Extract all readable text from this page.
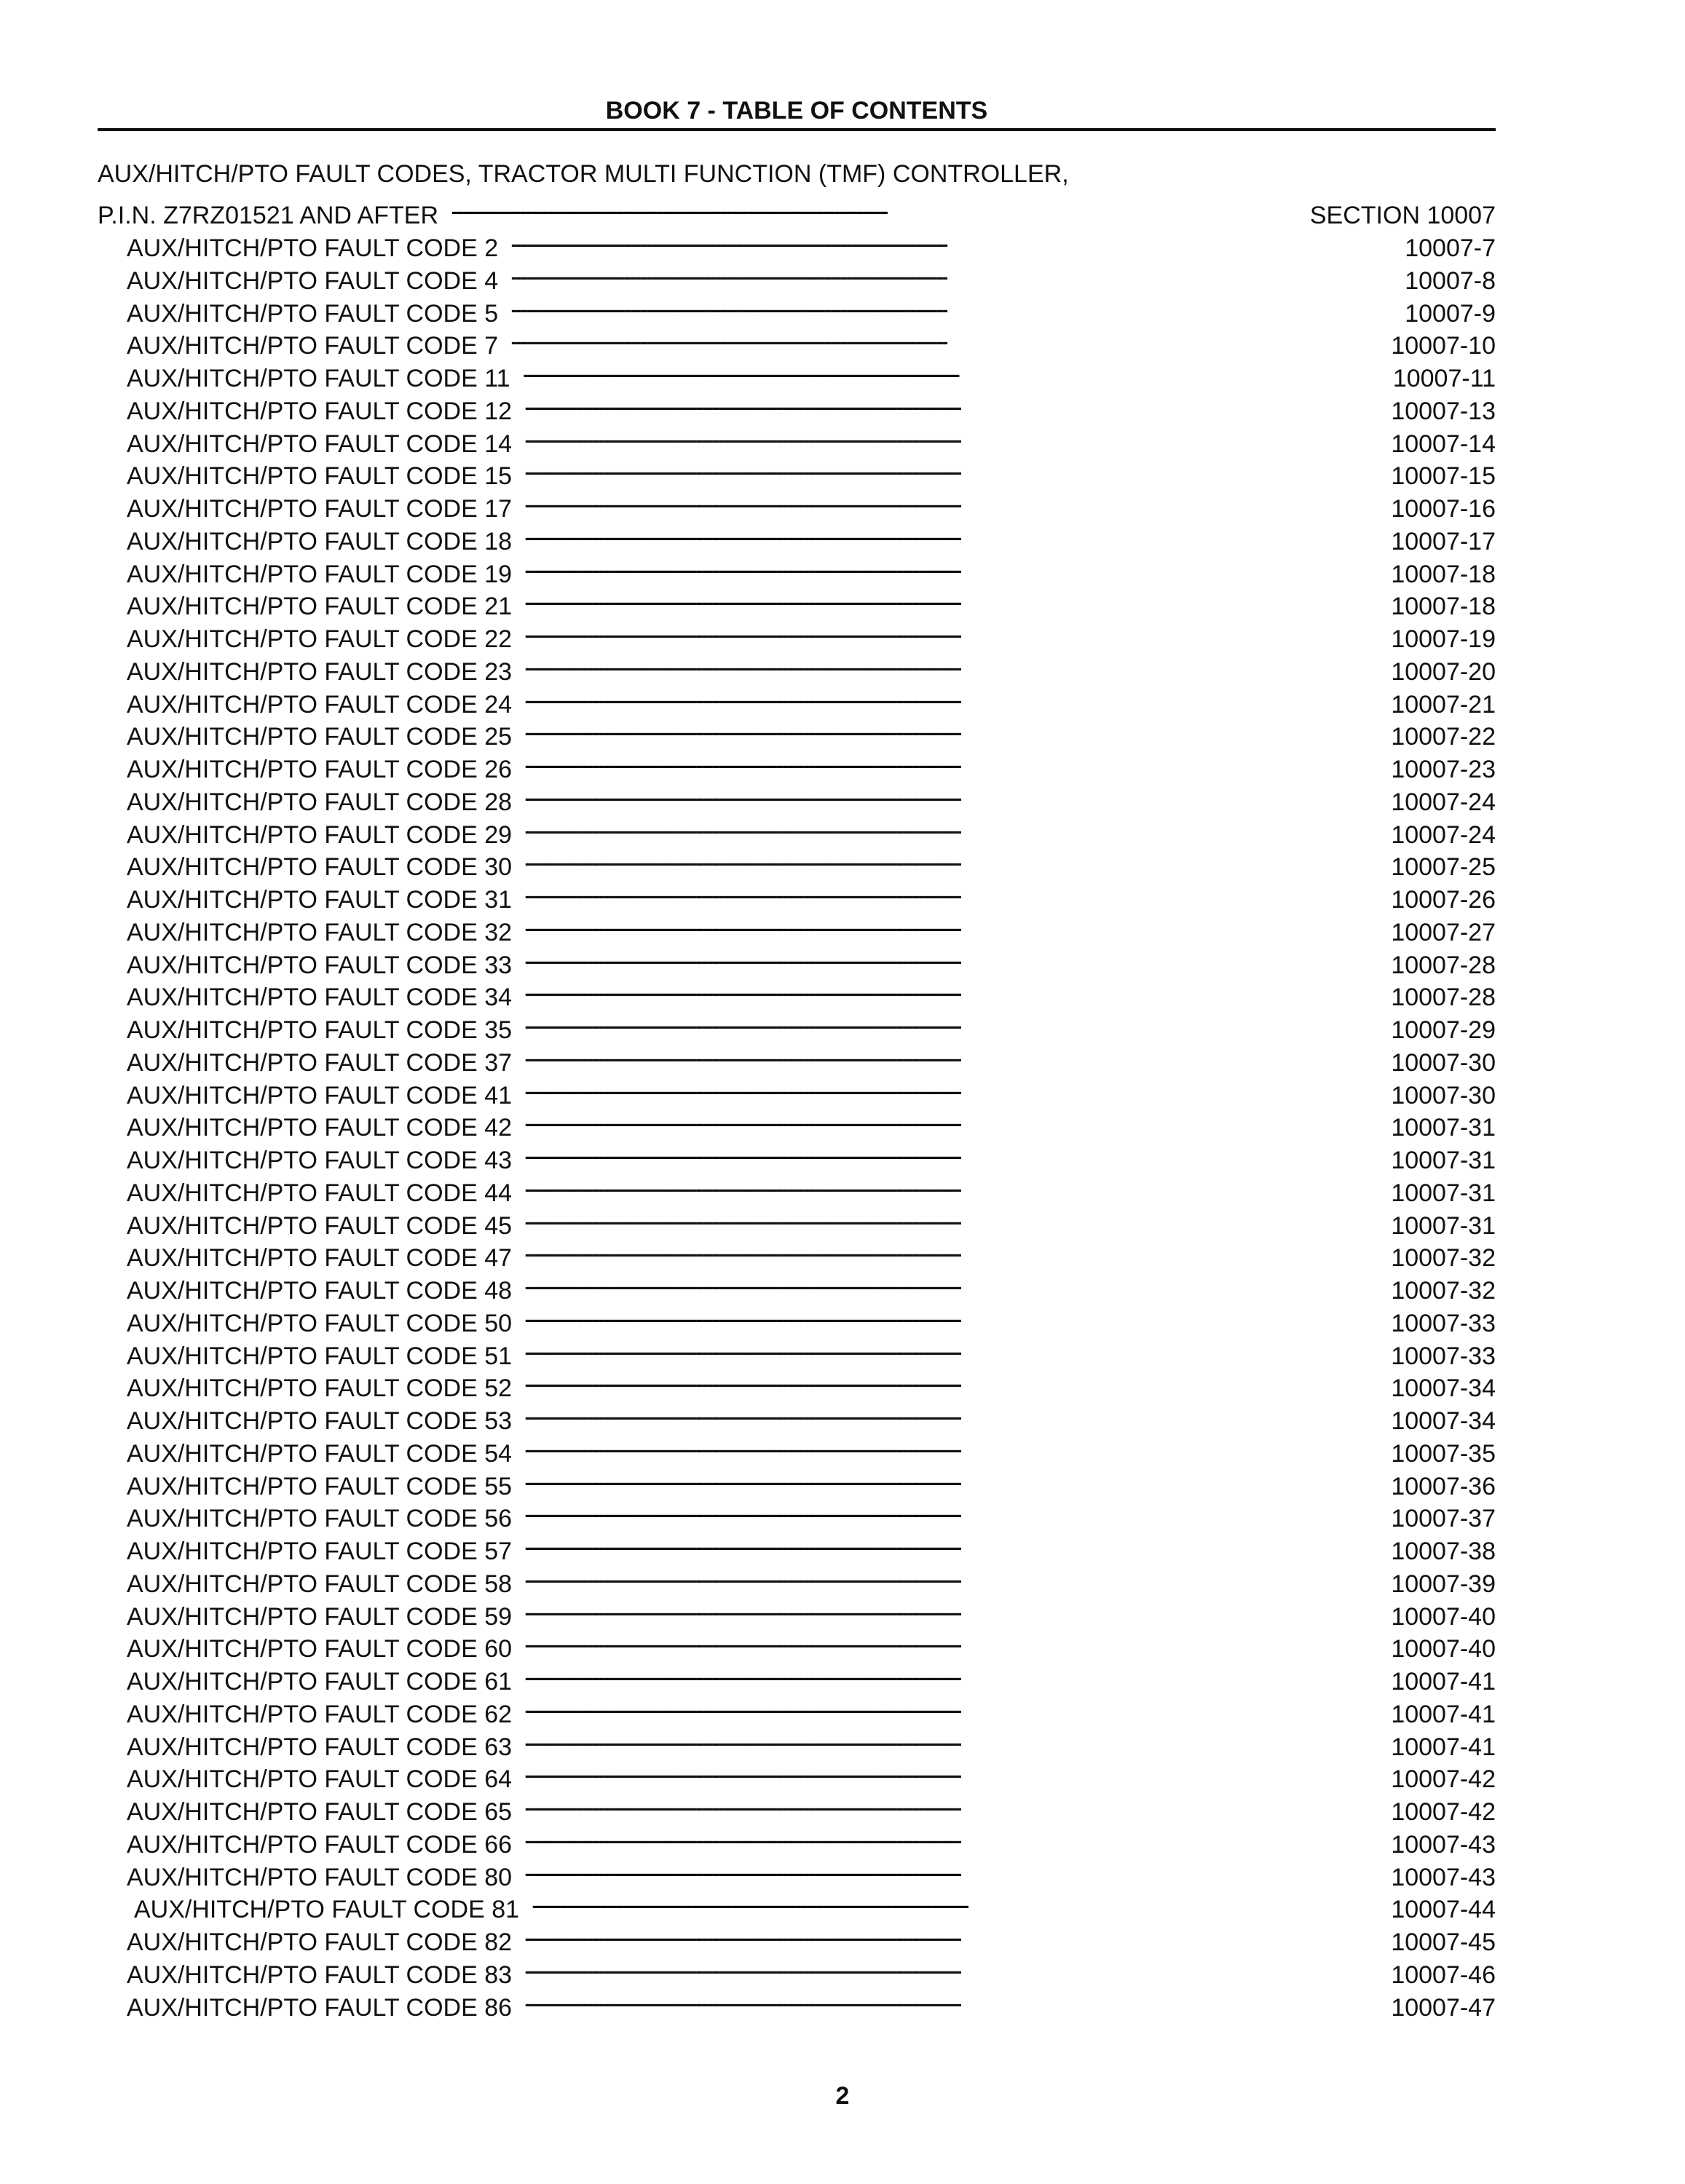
BOOK 7 - TABLE OF CONTENTS
AUX/HITCH/PTO FAULT CODES, TRACTOR MULTI FUNCTION (TMF) CONTROLLER,
P.I.N. Z7RZ01521 AND AFTER . . .	SECTION 10007
AUX/HITCH/PTO FAULT CODE 2 . . .	10007-7
AUX/HITCH/PTO FAULT CODE 4 . . .	10007-8
AUX/HITCH/PTO FAULT CODE 5 . . .	10007-9
AUX/HITCH/PTO FAULT CODE 7 . . .	10007-10
AUX/HITCH/PTO FAULT CODE 11 . . .	10007-11
AUX/HITCH/PTO FAULT CODE 12 . . .	10007-13
AUX/HITCH/PTO FAULT CODE 14 . . .	10007-14
AUX/HITCH/PTO FAULT CODE 15 . . .	10007-15
AUX/HITCH/PTO FAULT CODE 17 . . .	10007-16
AUX/HITCH/PTO FAULT CODE 18 . . .	10007-17
AUX/HITCH/PTO FAULT CODE 19 . . .	10007-18
AUX/HITCH/PTO FAULT CODE 21 . . .	10007-18
AUX/HITCH/PTO FAULT CODE 22 . . .	10007-19
AUX/HITCH/PTO FAULT CODE 23 . . .	10007-20
AUX/HITCH/PTO FAULT CODE 24 . . .	10007-21
AUX/HITCH/PTO FAULT CODE 25 . . .	10007-22
AUX/HITCH/PTO FAULT CODE 26 . . .	10007-23
AUX/HITCH/PTO FAULT CODE 28 . . .	10007-24
AUX/HITCH/PTO FAULT CODE 29 . . .	10007-24
AUX/HITCH/PTO FAULT CODE 30 . . .	10007-25
AUX/HITCH/PTO FAULT CODE 31 . . .	10007-26
AUX/HITCH/PTO FAULT CODE 32 . . .	10007-27
AUX/HITCH/PTO FAULT CODE 33 . . .	10007-28
AUX/HITCH/PTO FAULT CODE 34 . . .	10007-28
AUX/HITCH/PTO FAULT CODE 35 . . .	10007-29
AUX/HITCH/PTO FAULT CODE 37 . . .	10007-30
AUX/HITCH/PTO FAULT CODE 41 . . .	10007-30
AUX/HITCH/PTO FAULT CODE 42 . . .	10007-31
AUX/HITCH/PTO FAULT CODE 43 . . .	10007-31
AUX/HITCH/PTO FAULT CODE 44 . . .	10007-31
AUX/HITCH/PTO FAULT CODE 45 . . .	10007-31
AUX/HITCH/PTO FAULT CODE 47 . . .	10007-32
AUX/HITCH/PTO FAULT CODE 48 . . .	10007-32
AUX/HITCH/PTO FAULT CODE 50 . . .	10007-33
AUX/HITCH/PTO FAULT CODE 51 . . .	10007-33
AUX/HITCH/PTO FAULT CODE 52 . . .	10007-34
AUX/HITCH/PTO FAULT CODE 53 . . .	10007-34
AUX/HITCH/PTO FAULT CODE 54 . . .	10007-35
AUX/HITCH/PTO FAULT CODE 55 . . .	10007-36
AUX/HITCH/PTO FAULT CODE 56 . . .	10007-37
AUX/HITCH/PTO FAULT CODE 57 . . .	10007-38
AUX/HITCH/PTO FAULT CODE 58 . . .	10007-39
AUX/HITCH/PTO FAULT CODE 59 . . .	10007-40
AUX/HITCH/PTO FAULT CODE 60 . . .	10007-40
AUX/HITCH/PTO FAULT CODE 61 . . .	10007-41
AUX/HITCH/PTO FAULT CODE 62 . . .	10007-41
AUX/HITCH/PTO FAULT CODE 63 . . .	10007-41
AUX/HITCH/PTO FAULT CODE 64 . . .	10007-42
AUX/HITCH/PTO FAULT CODE 65 . . .	10007-42
AUX/HITCH/PTO FAULT CODE 66 . . .	10007-43
AUX/HITCH/PTO FAULT CODE 80 . . .	10007-43
AUX/HITCH/PTO FAULT CODE 81 . . .	10007-44
AUX/HITCH/PTO FAULT CODE 82 . . .	10007-45
AUX/HITCH/PTO FAULT CODE 83 . . .	10007-46
AUX/HITCH/PTO FAULT CODE 86 . . .	10007-47
2
